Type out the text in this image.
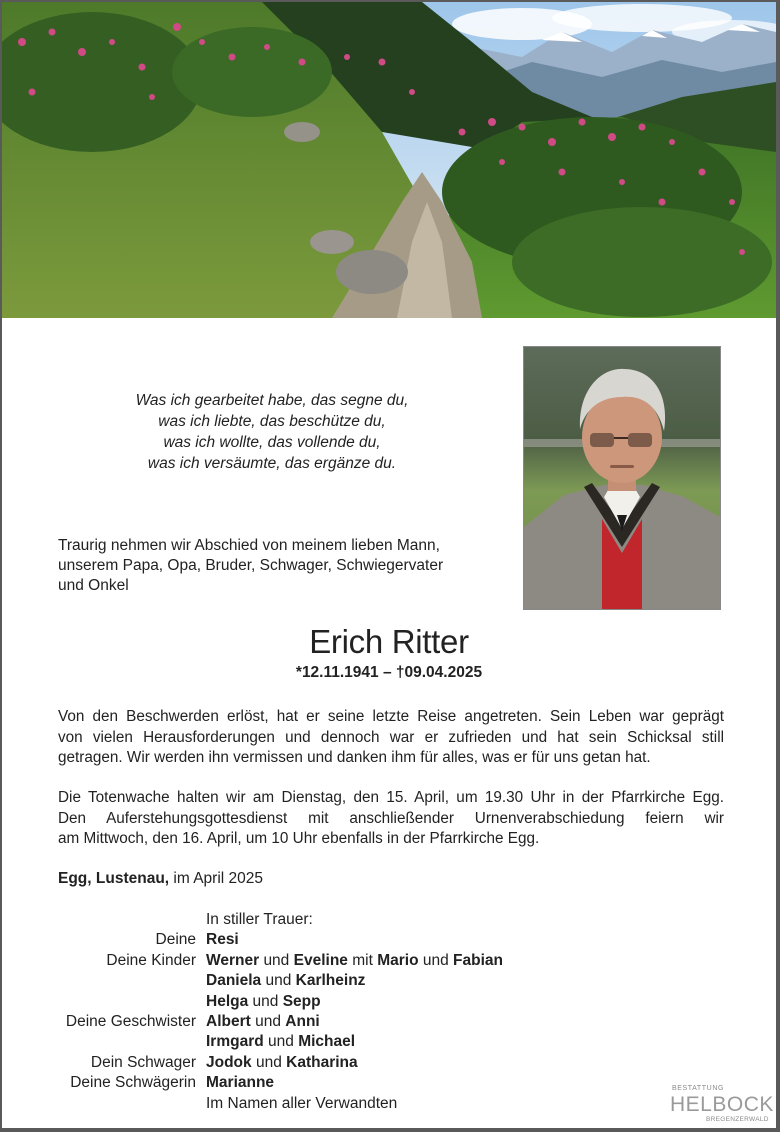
Was ich gearbeitet habe, das segne du,
was ich liebte, das beschütze du,
was ich wollte, das vollende du,
was ich versäumte, das ergänze du.
Traurig nehmen wir Abschied von meinem lieben Mann,
unserem Papa, Opa, Bruder, Schwager, Schwiegervater
und Onkel
Erich Ritter
*12.11.1941 – †09.04.2025
Von den Beschwerden erlöst, hat er seine letzte Reise angetreten. Sein Leben war geprägt
von vielen Herausforderungen und dennoch war er zufrieden und hat sein Schicksal still
getragen. Wir werden ihn vermissen und danken ihm für alles, was er für uns getan hat.
Die Totenwache halten wir am Dienstag, den 15. April, um 19.30 Uhr in der Pfarrkirche Egg.
Den Auferstehungsgottesdienst mit anschließender Urnenverabschiedung feiern wir
am Mittwoch, den 16. April, um 10 Uhr ebenfalls in der Pfarrkirche Egg.
Egg, Lustenau, im April 2025
In stiller Trauer:
Deine Resi
Deine Kinder Werner und Eveline mit Mario und Fabian
Daniela und Karlheinz
Helga und Sepp
Deine Geschwister Albert und Anni
Irmgard und Michael
Dein Schwager Jodok und Katharina
Deine Schwägerin Marianne
Im Namen aller Verwandten
BESTATTUNG
HELBOCK
BREGENZERWALD
